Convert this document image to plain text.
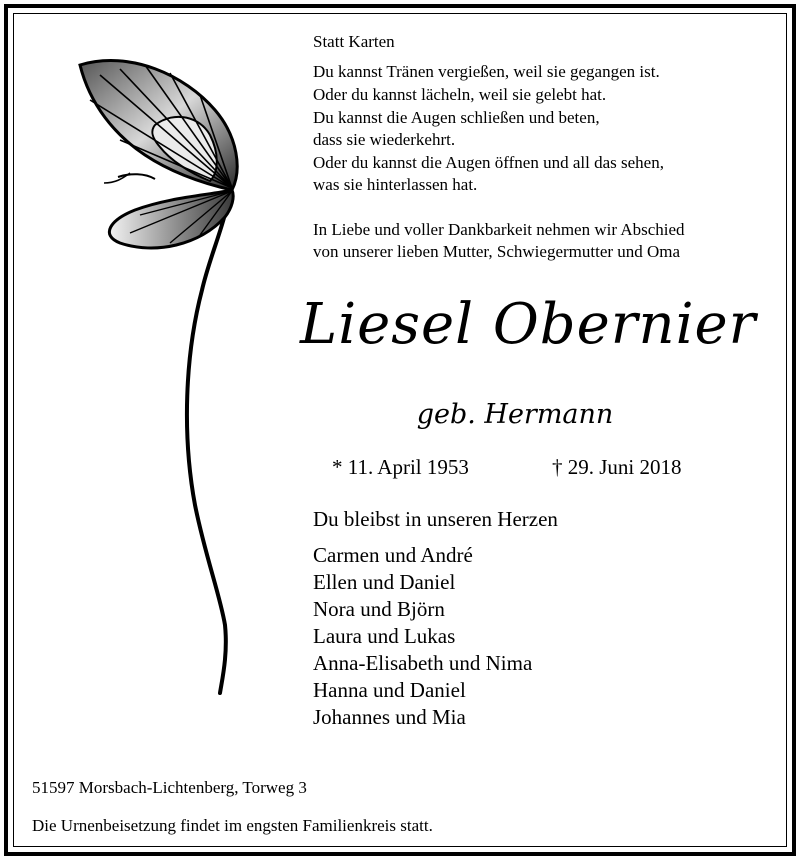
Statt Karten
Du kannst Tränen vergießen, weil sie gegangen ist.
Oder du kannst lächeln, weil sie gelebt hat.
Du kannst die Augen schließen und beten,
dass sie wiederkehrt.
Oder du kannst die Augen öffnen und all das sehen,
was sie hinterlassen hat.
In Liebe und voller Dankbarkeit nehmen wir Abschied
von unserer lieben Mutter, Schwiegermutter und Oma
Liesel Obernier
geb. Hermann
* 11. April 1953	† 29. Juni 2018
Du bleibst in unseren Herzen
Carmen und André
Ellen und Daniel
Nora und Björn
Laura und Lukas
Anna-Elisabeth und Nima
Hanna und Daniel
Johannes und Mia
51597 Morsbach-Lichtenberg, Torweg 3
Die Urnenbeisetzung findet im engsten Familienkreis statt.
